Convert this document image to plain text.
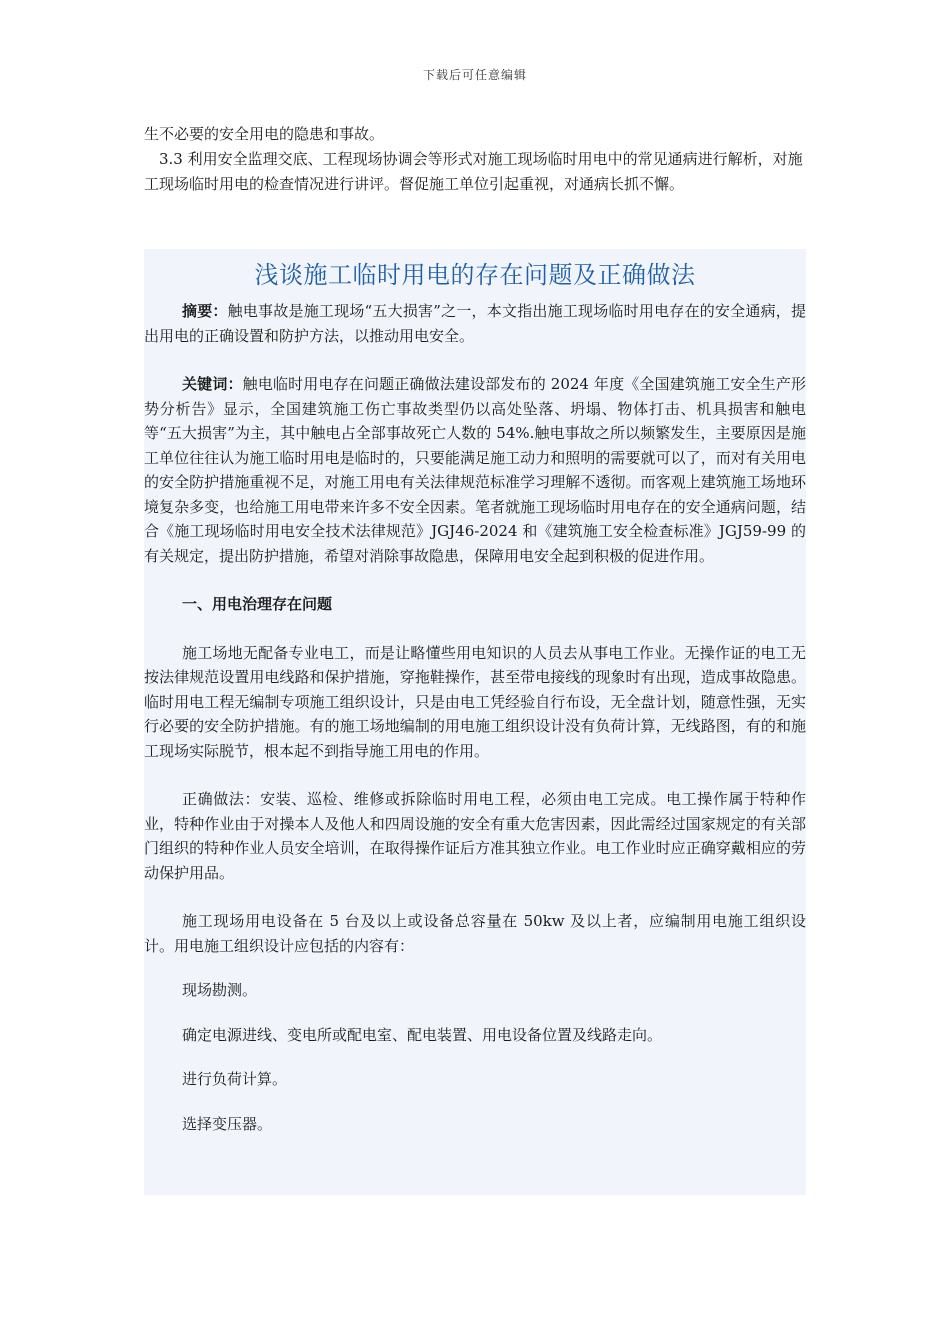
下载后可任意编辑

生不必要的安全用电的隐患和事故。

3.3 利用安全监理交底、工程现场协调会等形式对施工现场临时用电中的常见通病进行解析，对施工现场临时用电的检查情况进行讲评。督促施工单位引起重视，对通病长抓不懈。

浅谈施工临时用电的存在问题及正确做法

摘要：触电事故是施工现场“五大损害”之一，本文指出施工现场临时用电存在的安全通病，提出用电的正确设置和防护方法，以推动用电安全。

关键词：触电临时用电存在问题正确做法建设部发布的 2024 年度《全国建筑施工安全生产形势分析告》显示，全国建筑施工伤亡事故类型仍以高处坠落、坍塌、物体打击、机具损害和触电等“五大损害”为主，其中触电占全部事故死亡人数的 54%.触电事故之所以频繁发生，主要原因是施工单位往往认为施工临时用电是临时的，只要能满足施工动力和照明的需要就可以了，而对有关用电的安全防护措施重视不足，对施工用电有关法律规范标准学习理解不透彻。而客观上建筑施工场地环境复杂多变，也给施工用电带来许多不安全因素。笔者就施工现场临时用电存在的安全通病问题，结合《施工现场临时用电安全技术法律规范》JGJ46-2024 和《建筑施工安全检查标准》JGJ59-99 的有关规定，提出防护措施，希望对消除事故隐患，保障用电安全起到积极的促进作用。

一、用电治理存在问题

施工场地无配备专业电工，而是让略懂些用电知识的人员去从事电工作业。无操作证的电工无按法律规范设置用电线路和保护措施，穿拖鞋操作，甚至带电接线的现象时有出现，造成事故隐患。临时用电工程无编制专项施工组织设计，只是由电工凭经验自行布设，无全盘计划，随意性强，无实行必要的安全防护措施。有的施工场地编制的用电施工组织设计没有负荷计算，无线路图，有的和施工现场实际脱节，根本起不到指导施工用电的作用。

正确做法：安装、巡检、维修或拆除临时用电工程，必须由电工完成。电工操作属于特种作业，特种作业由于对操本人及他人和四周设施的安全有重大危害因素，因此需经过国家规定的有关部门组织的特种作业人员安全培训，在取得操作证后方准其独立作业。电工作业时应正确穿戴相应的劳动保护用品。

施工现场用电设备在 5 台及以上或设备总容量在 50kw 及以上者，应编制用电施工组织设计。用电施工组织设计应包括的内容有：

现场勘测。

确定电源进线、变电所或配电室、配电装置、用电设备位置及线路走向。

进行负荷计算。

选择变压器。
